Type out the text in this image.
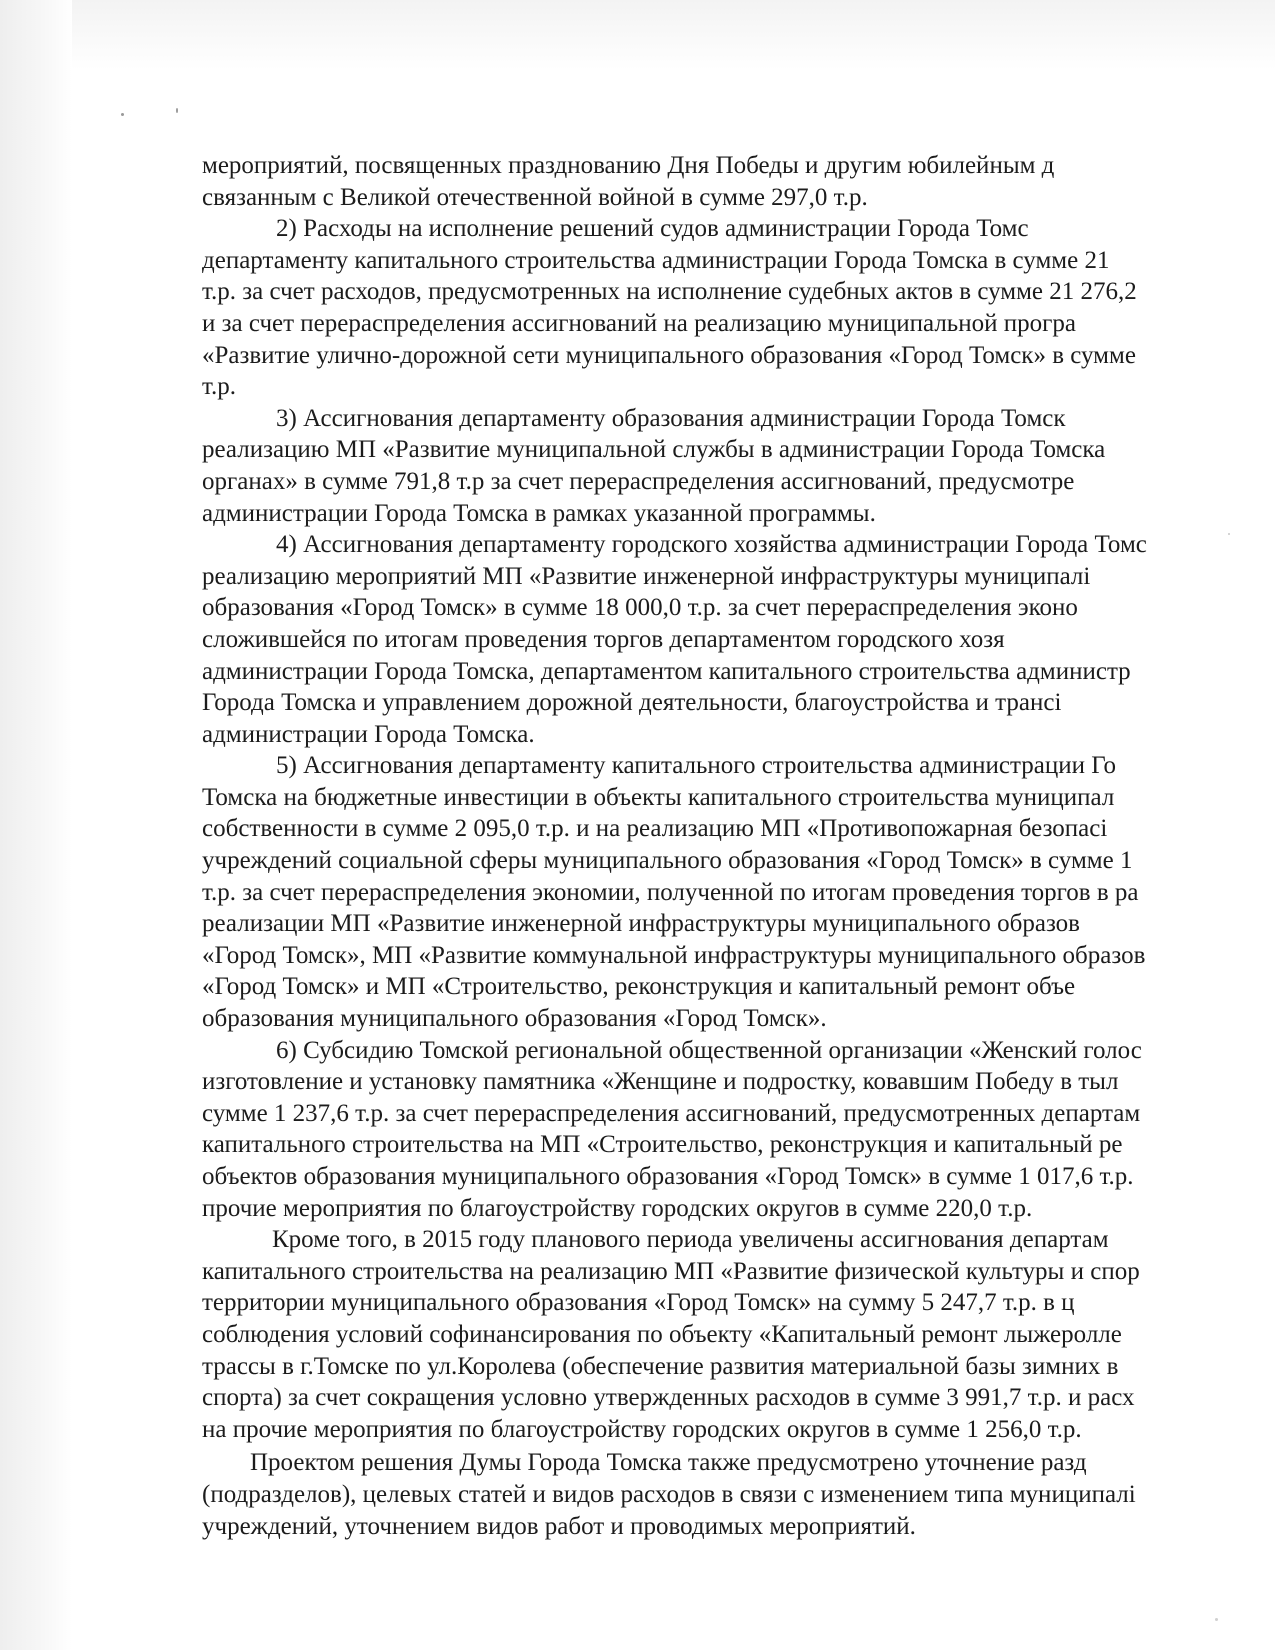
мероприятий, посвященных празднованию Дня Победы и другим юбилейным д
связанным с Великой отечественной войной в сумме 297,0 т.р.
2) Расходы на исполнение решений судов администрации Города Томс
департаменту капитального строительства администрации Города Томска в сумме 21
т.р. за счет расходов, предусмотренных на исполнение судебных актов в сумме 21 276,2
и за счет перераспределения ассигнований на реализацию муниципальной програ
«Развитие улично-дорожной сети муниципального образования «Город Томск» в сумме
т.р.
3) Ассигнования департаменту образования администрации Города Томск
реализацию МП «Развитие муниципальной службы в администрации Города Томска
органах» в сумме 791,8 т.р за счет перераспределения ассигнований, предусмотре
администрации Города Томска в рамках указанной программы.
4) Ассигнования департаменту городского хозяйства администрации Города Томс
реализацию мероприятий МП «Развитие инженерной инфраструктуры муниципалі
образования «Город Томск» в сумме 18 000,0 т.р. за счет перераспределения эконо
сложившейся по итогам проведения торгов департаментом городского хозя
администрации Города Томска, департаментом капитального строительства администр
Города Томска и управлением дорожной деятельности, благоустройства и трансі
администрации Города Томска.
5) Ассигнования департаменту капитального строительства администрации Го
Томска на бюджетные инвестиции в объекты капитального строительства муниципал
собственности в сумме 2 095,0 т.р. и на реализацию МП «Противопожарная безопасі
учреждений социальной сферы муниципального образования «Город Томск» в сумме 1
т.р. за счет перераспределения экономии, полученной по итогам проведения торгов в ра
реализации МП «Развитие инженерной инфраструктуры муниципального образов
«Город Томск», МП «Развитие коммунальной инфраструктуры муниципального образов
«Город Томск» и МП «Строительство, реконструкция и капитальный ремонт объе
образования муниципального образования «Город Томск».
6) Субсидию Томской региональной общественной организации «Женский голос
изготовление и установку памятника «Женщине и подростку, ковавшим Победу в тыл
сумме 1 237,6 т.р. за счет перераспределения ассигнований, предусмотренных департам
капитального строительства на МП «Строительство, реконструкция и капитальный ре
объектов образования муниципального образования «Город Томск» в сумме 1 017,6 т.р.
прочие мероприятия по благоустройству городских округов в сумме 220,0 т.р.
Кроме того, в 2015 году планового периода увеличены ассигнования департам
капитального строительства на реализацию МП «Развитие физической культуры и спор
территории муниципального образования «Город Томск» на сумму 5 247,7 т.р. в ц
соблюдения условий софинансирования по объекту «Капитальный ремонт лыжеролле
трассы в г.Томске по ул.Королева (обеспечение развития материальной базы зимних в
спорта) за счет сокращения условно утвержденных расходов в сумме 3 991,7 т.р. и расх
на прочие мероприятия по благоустройству городских округов в сумме 1 256,0 т.р.
Проектом решения Думы Города Томска также предусмотрено уточнение разд
(подразделов), целевых статей и видов расходов в связи с изменением типа муниципалі
учреждений, уточнением видов работ и проводимых мероприятий.
